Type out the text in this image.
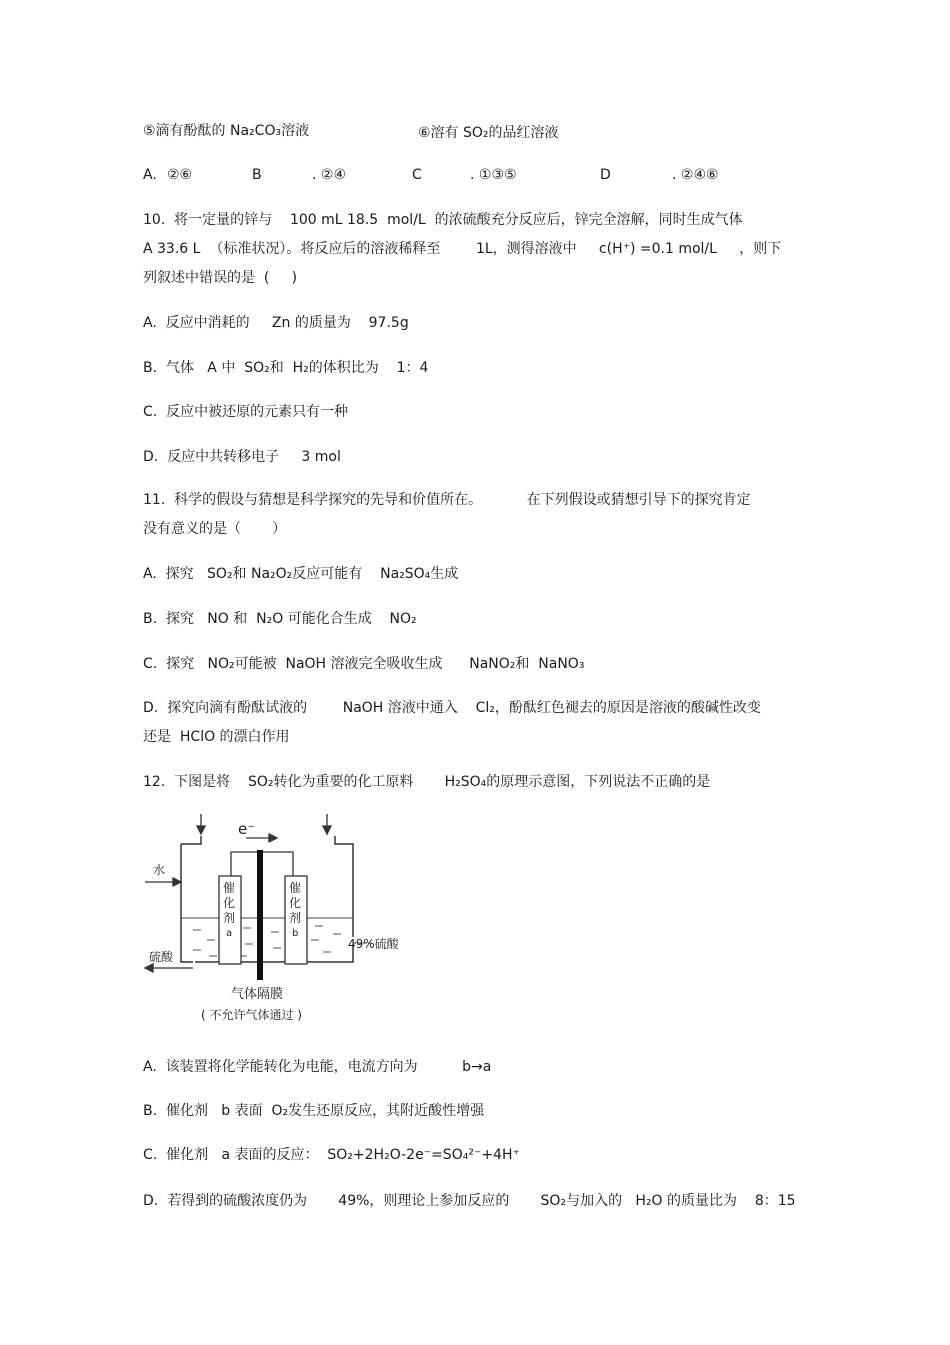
⑤滴有酚酞的 Na₂CO₃溶液	⑥溶有 SO₂的品红溶液
A. ②⑥	B	. ②④	C	. ①③⑤	D	. ②④⑥
10.  将一定量的锌与    100 mL 18.5  mol/L  的浓硫酸充分反应后，锌完全溶解，同时生成气体
A 33.6 L  （标准状况）。将反应后的溶液稀释至        1L，测得溶液中     c(H⁺) =0.1 mol/L     ，则下
列叙述中错误的是  (     )
A.  反应中消耗的     Zn 的质量为    97.5g
B.  气体   A 中  SO₂和  H₂的体积比为    1：4
C.  反应中被还原的元素只有一种
D.  反应中共转移电子     3 mol
11.  科学的假设与猜想是科学探究的先导和价值所在。          在下列假设或猜想引导下的探究肯定
没有意义的是（       ）
A.  探究   SO₂和 Na₂O₂反应可能有    Na₂SO₄生成
B.  探究   NO 和  N₂O 可能化合生成    NO₂
C.  探究   NO₂可能被  NaOH 溶液完全吸收生成      NaNO₂和  NaNO₃
D.  探究向滴有酚酞试液的        NaOH 溶液中通入    Cl₂，酚酞红色褪去的原因是溶液的酸碱性改变
还是  HClO 的漂白作用
12.  下图是将    SO₂转化为重要的化工原料       H₂SO₄的原理示意图，下列说法不正确的是
e⁻
水
催
化
剂
a
催
化
剂
b
硫酸
49%硫酸
气体隔膜
( 不允许气体通过 )
A.  该装置将化学能转化为电能，电流方向为          b→a
B.  催化剂   b 表面  O₂发生还原反应，其附近酸性增强
C.  催化剂   a 表面的反应：  SO₂+2H₂O-2e⁻=SO₄²⁻+4H⁺
D.  若得到的硫酸浓度仍为       49%，则理论上参加反应的       SO₂与加入的   H₂O 的质量比为    8：15
